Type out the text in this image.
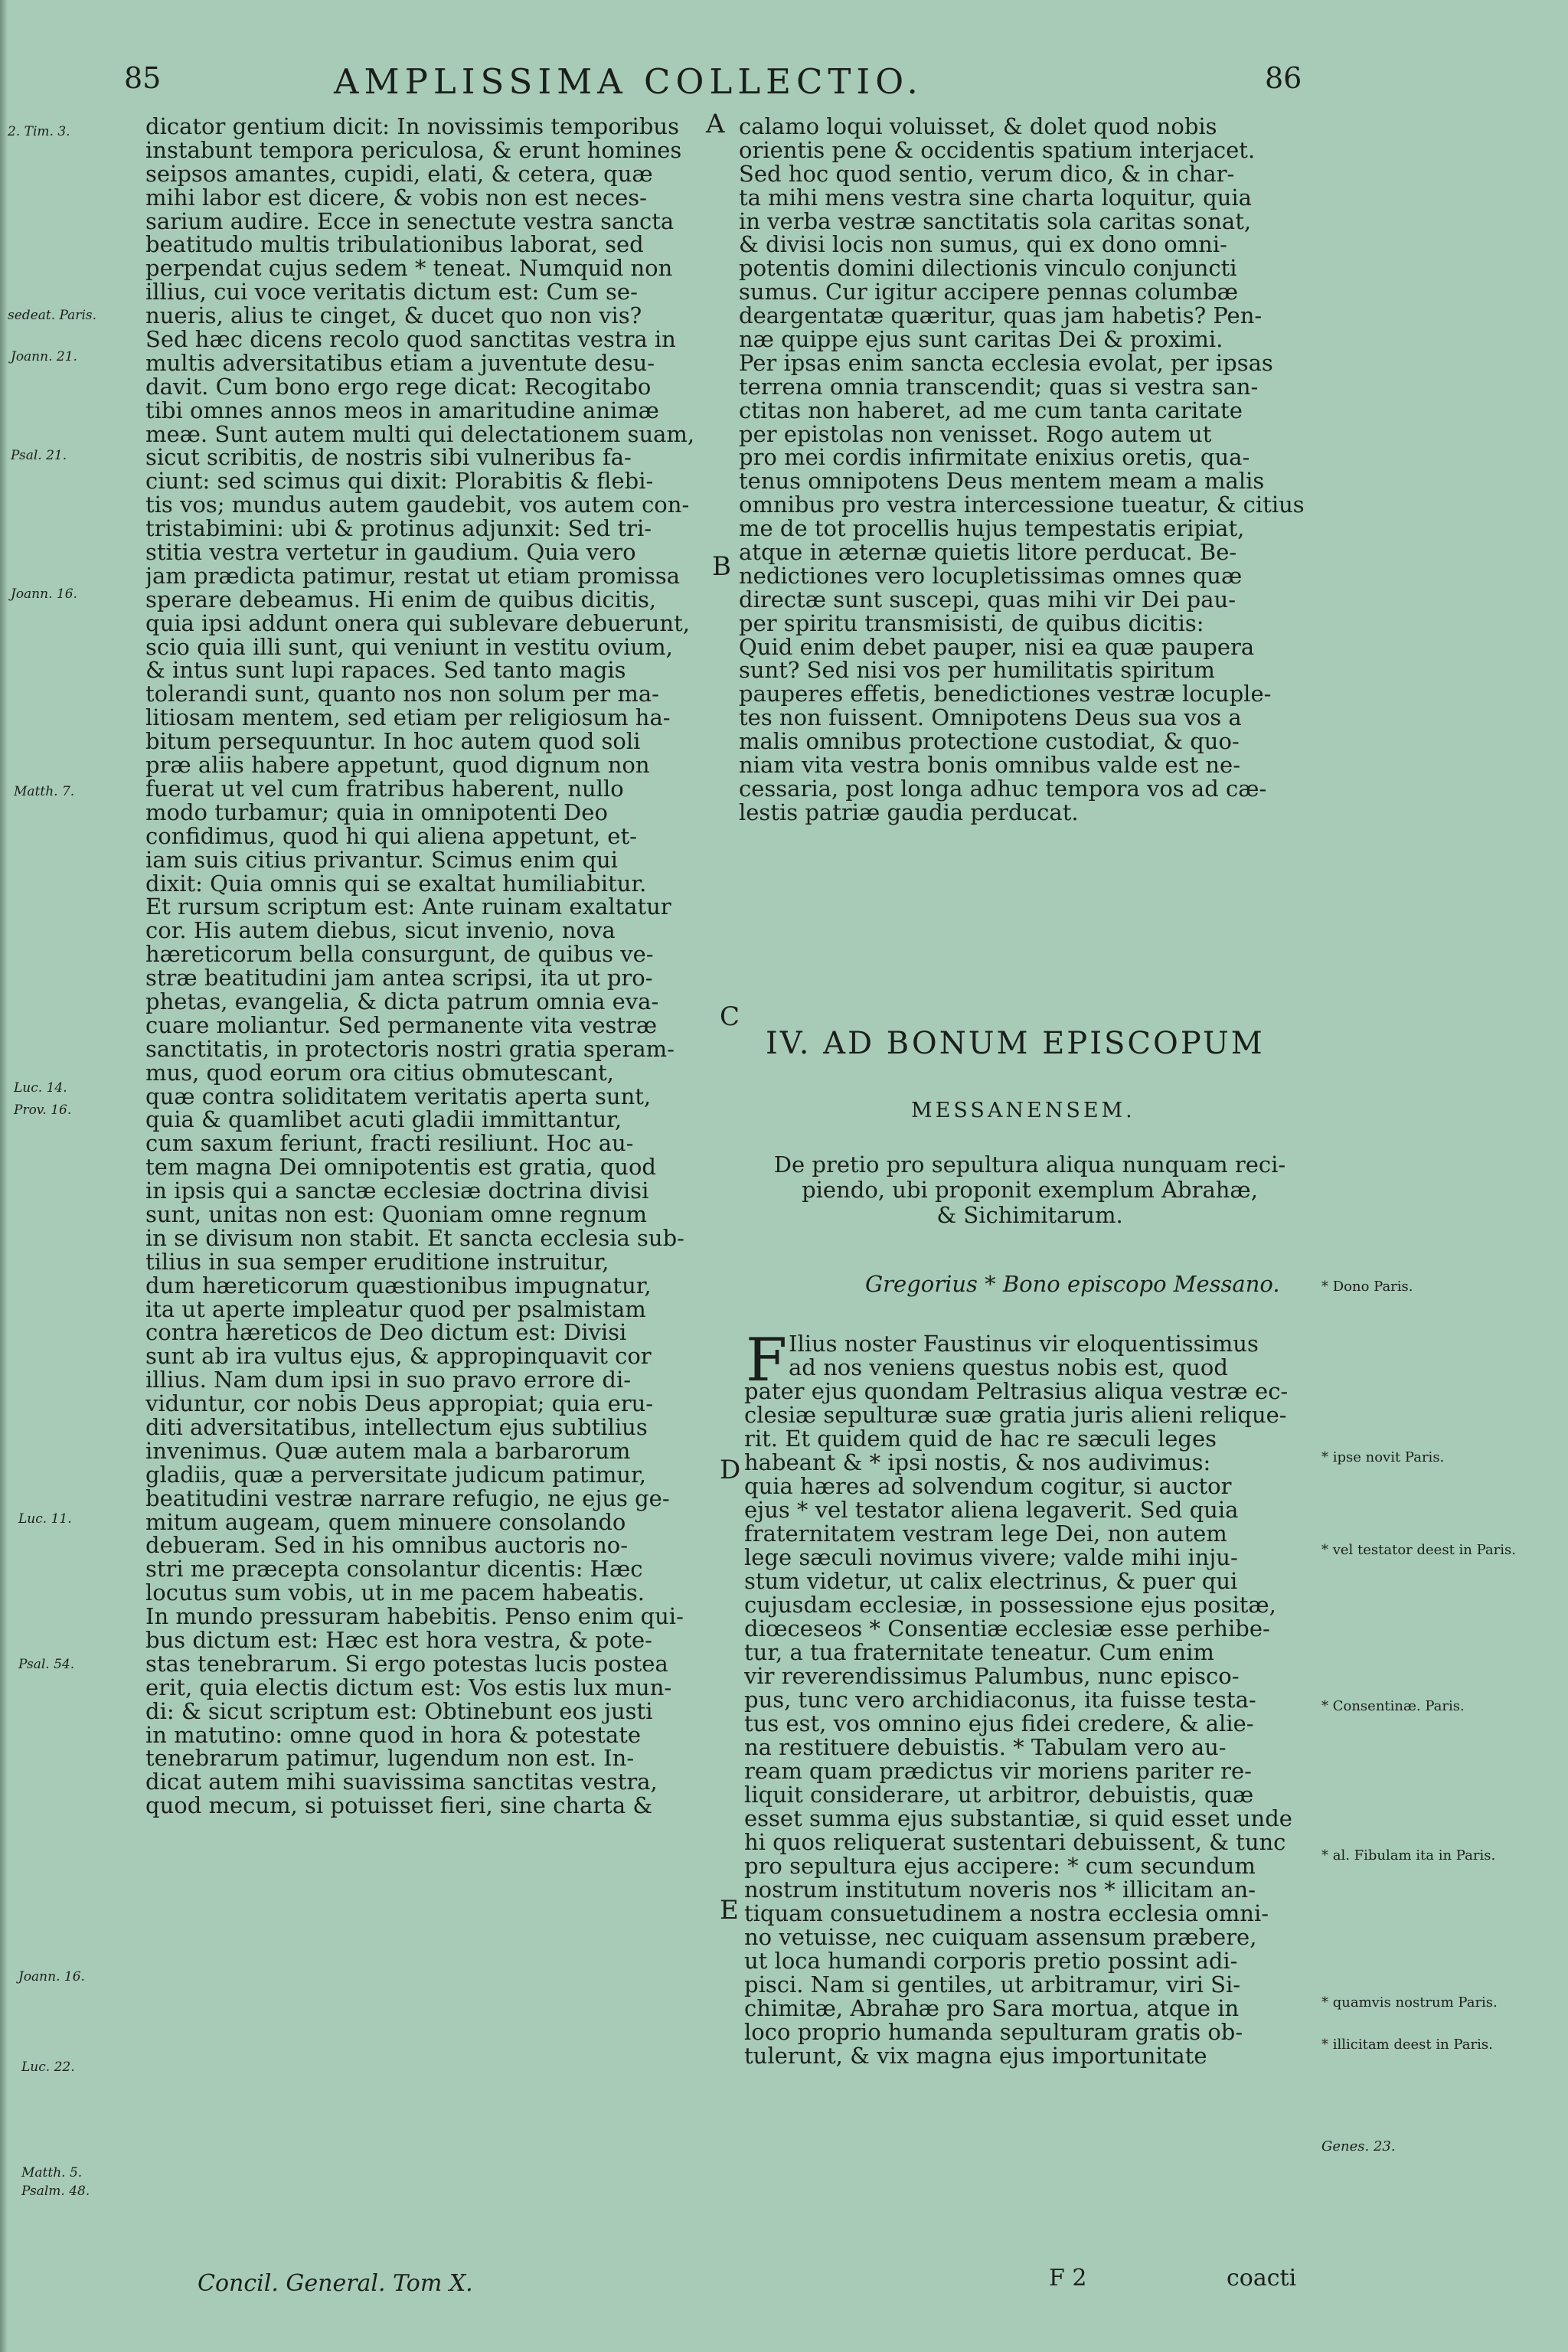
85	AMPLISSIMA COLLECTIO.	86
dicator gentium dicit: In novissimis temporibus
instabunt tempora periculosa, & erunt homines
seipsos amantes, cupidi, elati, & cetera, quæ
mihi labor est dicere, & vobis non est neces-
sarium audire. Ecce in senectute vestra sancta
beatitudo multis tribulationibus laborat, sed
perpendat cujus sedem * teneat. Numquid non
illius, cui voce veritatis dictum est: Cum se-
nueris, alius te cinget, & ducet quo non vis?
Sed hæc dicens recolo quod sanctitas vestra in
multis adversitatibus etiam a juventute desu-
davit. Cum bono ergo rege dicat: Recogitabo
tibi omnes annos meos in amaritudine animæ
meæ. Sunt autem multi qui delectationem suam,
sicut scribitis, de nostris sibi vulneribus fa-
ciunt: sed scimus qui dixit: Plorabitis & flebi-
tis vos; mundus autem gaudebit, vos autem con-
tristabimini: ubi & protinus adjunxit: Sed tri-
stitia vestra vertetur in gaudium. Quia vero
jam prædicta patimur, restat ut etiam promissa
sperare debeamus. Hi enim de quibus dicitis,
quia ipsi addunt onera qui sublevare debuerunt,
scio quia illi sunt, qui veniunt in vestitu ovium,
& intus sunt lupi rapaces. Sed tanto magis
tolerandi sunt, quanto nos non solum per ma-
litiosam mentem, sed etiam per religiosum ha-
bitum persequuntur. In hoc autem quod soli
præ aliis habere appetunt, quod dignum non
fuerat ut vel cum fratribus haberent, nullo
modo turbamur; quia in omnipotenti Deo
confidimus, quod hi qui aliena appetunt, et-
iam suis citius privantur. Scimus enim qui
dixit: Quia omnis qui se exaltat humiliabitur.
Et rursum scriptum est: Ante ruinam exaltatur
cor. His autem diebus, sicut invenio, nova
hæreticorum bella consurgunt, de quibus ve-
stræ beatitudini jam antea scripsi, ita ut pro-
phetas, evangelia, & dicta patrum omnia eva-
cuare moliantur. Sed permanente vita vestræ
sanctitatis, in protectoris nostri gratia speram-
mus, quod eorum ora citius obmutescant,
quæ contra soliditatem veritatis aperta sunt,
quia & quamlibet acuti gladii immittantur,
cum saxum feriunt, fracti resiliunt. Hoc au-
tem magna Dei omnipotentis est gratia, quod
in ipsis qui a sanctæ ecclesiæ doctrina divisi
sunt, unitas non est: Quoniam omne regnum
in se divisum non stabit. Et sancta ecclesia sub-
tilius in sua semper eruditione instruitur,
dum hæreticorum quæstionibus impugnatur,
ita ut aperte impleatur quod per psalmistam
contra hæreticos de Deo dictum est: Divisi
sunt ab ira vultus ejus, & appropinquavit cor
illius. Nam dum ipsi in suo pravo errore di-
viduntur, cor nobis Deus appropiat; quia eru-
diti adversitatibus, intellectum ejus subtilius
invenimus. Quæ autem mala a barbarorum
gladiis, quæ a perversitate judicum patimur,
beatitudini vestræ narrare refugio, ne ejus ge-
mitum augeam, quem minuere consolando
debueram. Sed in his omnibus auctoris no-
stri me præcepta consolantur dicentis: Hæc
locutus sum vobis, ut in me pacem habeatis.
In mundo pressuram habebitis. Penso enim qui-
bus dictum est: Hæc est hora vestra, & pote-
stas tenebrarum. Si ergo potestas lucis postea
erit, quia electis dictum est: Vos estis lux mun-
di: & sicut scriptum est: Obtinebunt eos justi
in matutino: omne quod in hora & potestate
tenebrarum patimur, lugendum non est. In-
dicat autem mihi suavissima sanctitas vestra,
quod mecum, si potuisset fieri, sine charta &
calamo loqui voluisset, & dolet quod nobis
orientis pene & occidentis spatium interjacet.
Sed hoc quod sentio, verum dico, & in char-
ta mihi mens vestra sine charta loquitur, quia
in verba vestræ sanctitatis sola caritas sonat,
& divisi locis non sumus, qui ex dono omni-
potentis domini dilectionis vinculo conjuncti
sumus. Cur igitur accipere pennas columbæ
deargentatæ quæritur, quas jam habetis? Pen-
næ quippe ejus sunt caritas Dei & proximi.
Per ipsas enim sancta ecclesia evolat, per ipsas
terrena omnia transcendit; quas si vestra san-
ctitas non haberet, ad me cum tanta caritate
per epistolas non venisset. Rogo autem ut
pro mei cordis infirmitate enixius oretis, qua-
tenus omnipotens Deus mentem meam a malis
omnibus pro vestra intercessione tueatur, & citius
me de tot procellis hujus tempestatis eripiat,
atque in æternæ quietis litore perducat. Be-
nedictiones vero locupletissimas omnes quæ
directæ sunt suscepi, quas mihi vir Dei pau-
per spiritu transmisisti, de quibus dicitis:
Quid enim debet pauper, nisi ea quæ paupera
sunt? Sed nisi vos per humilitatis spiritum
pauperes effetis, benedictiones vestræ locuple-
tes non fuissent. Omnipotens Deus sua vos a
malis omnibus protectione custodiat, & quo-
niam vita vestra bonis omnibus valde est ne-
cessaria, post longa adhuc tempora vos ad cæ-
lestis patriæ gaudia perducat.
IV. AD BONUM EPISCOPUM
MESSANENSEM.
De pretio pro sepultura aliqua nunquam reci-
piendo, ubi proponit exemplum Abrahæ,
& Sichimitarum.
Gregorius * Bono episcopo Messano.
F Ilius noster Faustinus vir eloquentissimus
ad nos veniens questus nobis est, quod
pater ejus quondam Peltrasius aliqua vestræ ec-
clesiæ sepulturæ suæ gratia juris alieni relique-
rit. Et quidem quid de hac re sæculi leges
habeant & * ipsi nostis, & nos audivimus:
quia hæres ad solvendum cogitur, si auctor
ejus * vel testator aliena legaverit. Sed quia
fraternitatem vestram lege Dei, non autem
lege sæculi novimus vivere; valde mihi inju-
stum videtur, ut calix electrinus, & puer qui
cujusdam ecclesiæ, in possessione ejus positæ,
diœceseos * Consentiæ ecclesiæ esse perhibe-
tur, a tua fraternitate teneatur. Cum enim
vir reverendissimus Palumbus, nunc episco-
pus, tunc vero archidiaconus, ita fuisse testa-
tus est, vos omnino ejus fidei credere, & alie-
na restituere debuistis. * Tabulam vero au-
ream quam prædictus vir moriens pariter re-
liquit considerare, ut arbitror, debuistis, quæ
esset summa ejus substantiæ, si quid esset unde
hi quos reliquerat sustentari debuissent, & tunc
pro sepultura ejus accipere: * cum secundum
nostrum institutum noveris nos * illicitam an-
tiquam consuetudinem a nostra ecclesia omni-
no vetuisse, nec cuiquam assensum præbere,
ut loca humandi corporis pretio possint adi-
pisci. Nam si gentiles, ut arbitramur, viri Si-
chimitæ, Abrahæ pro Sara mortua, atque in
loco proprio humanda sepulturam gratis ob-
tulerunt, & vix magna ejus importunitate
A
B
C
D
E
2. Tim. 3.
sedeat. Paris.
Joann. 21.
Psal. 21.
Joann. 16.
Matth. 7.
Luc. 14.
Prov. 16.
Luc. 11.
Psal. 54.
Joann. 16.
Luc. 22.
Matth. 5.
Psalm. 48.
* Dono Paris.
* ipse novit Paris.
* vel testator deest in Paris.
* Consentinæ. Paris.
* al. Fibulam ita in Paris.
* quamvis nostrum Paris.
* illicitam deest in Paris.
Genes. 23.
Concil. General. Tom X.	F 2	coacti
